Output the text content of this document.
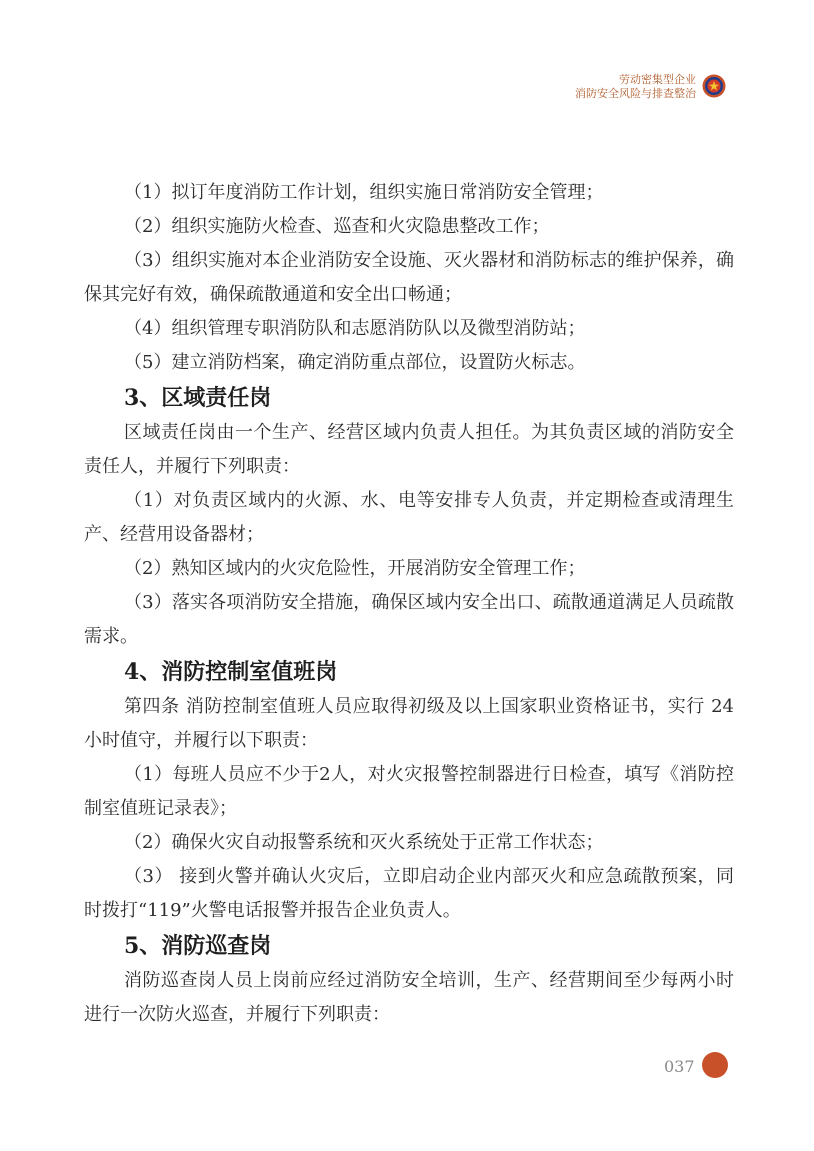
劳动密集型企业
消防安全风险与排查整治

（1）拟订年度消防工作计划，组织实施日常消防安全管理；

（2）组织实施防火检查、巡查和火灾隐患整改工作；

（3）组织实施对本企业消防安全设施、灭火器材和消防标志的维护保养，确保其完好有效，确保疏散通道和安全出口畅通；

（4）组织管理专职消防队和志愿消防队以及微型消防站；

（5）建立消防档案，确定消防重点部位，设置防火标志。

3、区域责任岗

区域责任岗由一个生产、经营区域内负责人担任。为其负责区域的消防安全责任人，并履行下列职责：

（1）对负责区域内的火源、水、电等安排专人负责，并定期检查或清理生产、经营用设备器材；

（2）熟知区域内的火灾危险性，开展消防安全管理工作；

（3）落实各项消防安全措施，确保区域内安全出口、疏散通道满足人员疏散需求。

4、消防控制室值班岗

第四条 消防控制室值班人员应取得初级及以上国家职业资格证书，实行 24 小时值守，并履行以下职责：

（1）每班人员应不少于2人，对火灾报警控制器进行日检查，填写《消防控制室值班记录表》；

（2）确保火灾自动报警系统和灭火系统处于正常工作状态；

（3） 接到火警并确认火灾后，立即启动企业内部灭火和应急疏散预案，同时拨打“119”火警电话报警并报告企业负责人。

5、消防巡查岗

消防巡查岗人员上岗前应经过消防安全培训，生产、经营期间至少每两小时进行一次防火巡查，并履行下列职责：

037
